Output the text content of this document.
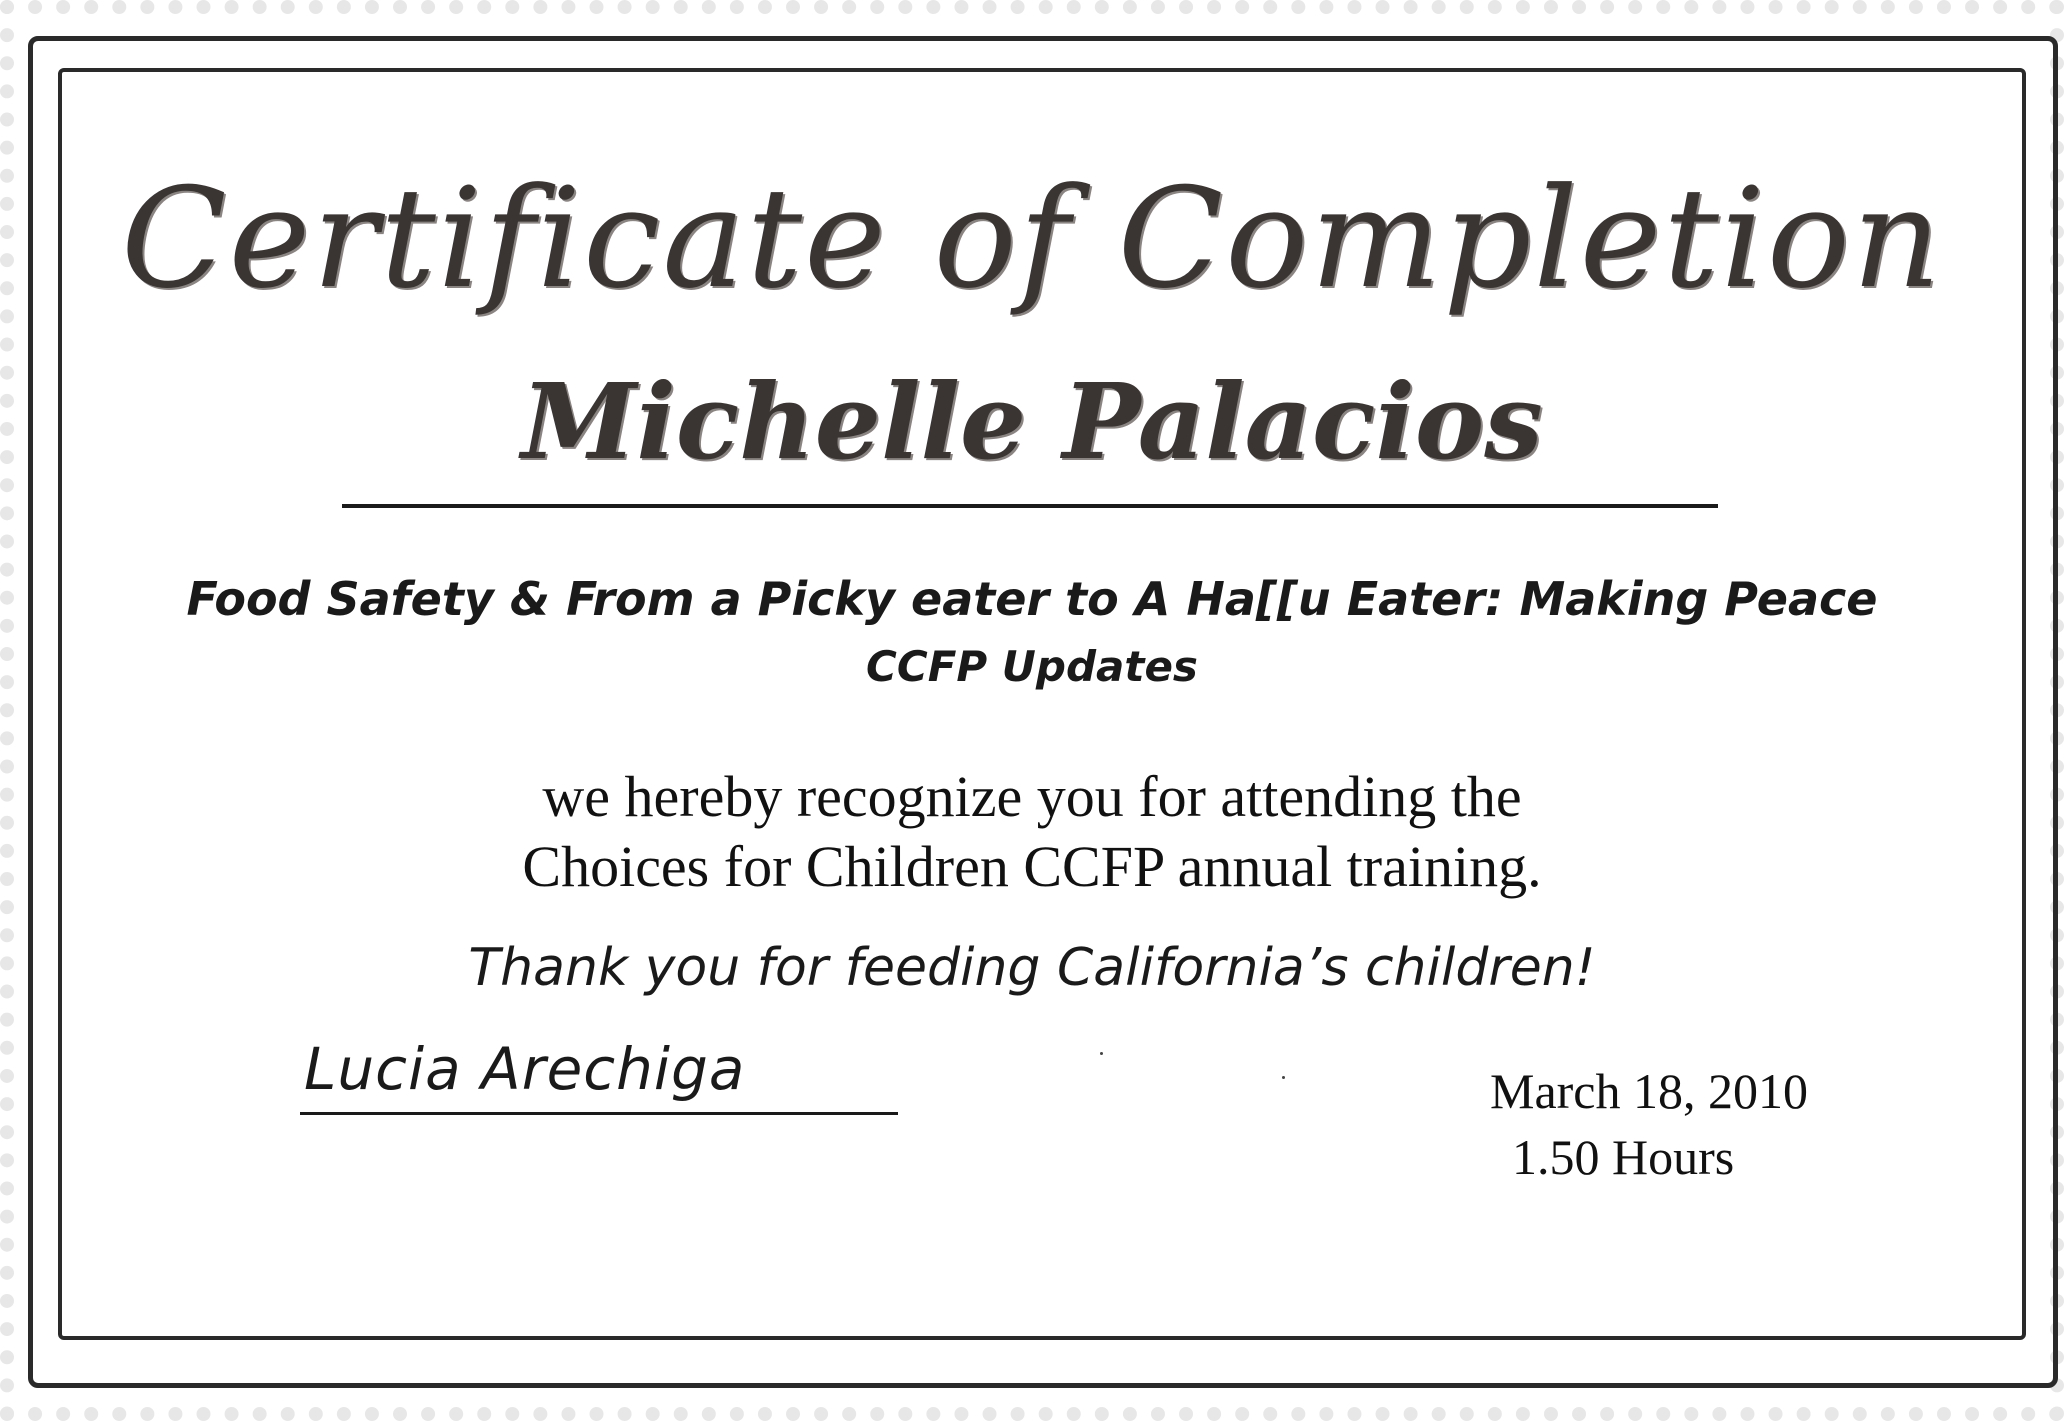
Certificate of Completion
Michelle Palacios
Food Safety & From a Picky eater to A Ha[[u Eater: Making Peace
CCFP Updates
we hereby recognize you for attending the
Choices for Children CCFP annual training.
Thank you for feeding California’s children!
Lucia Arechiga	March 18, 2010
1.50 Hours
